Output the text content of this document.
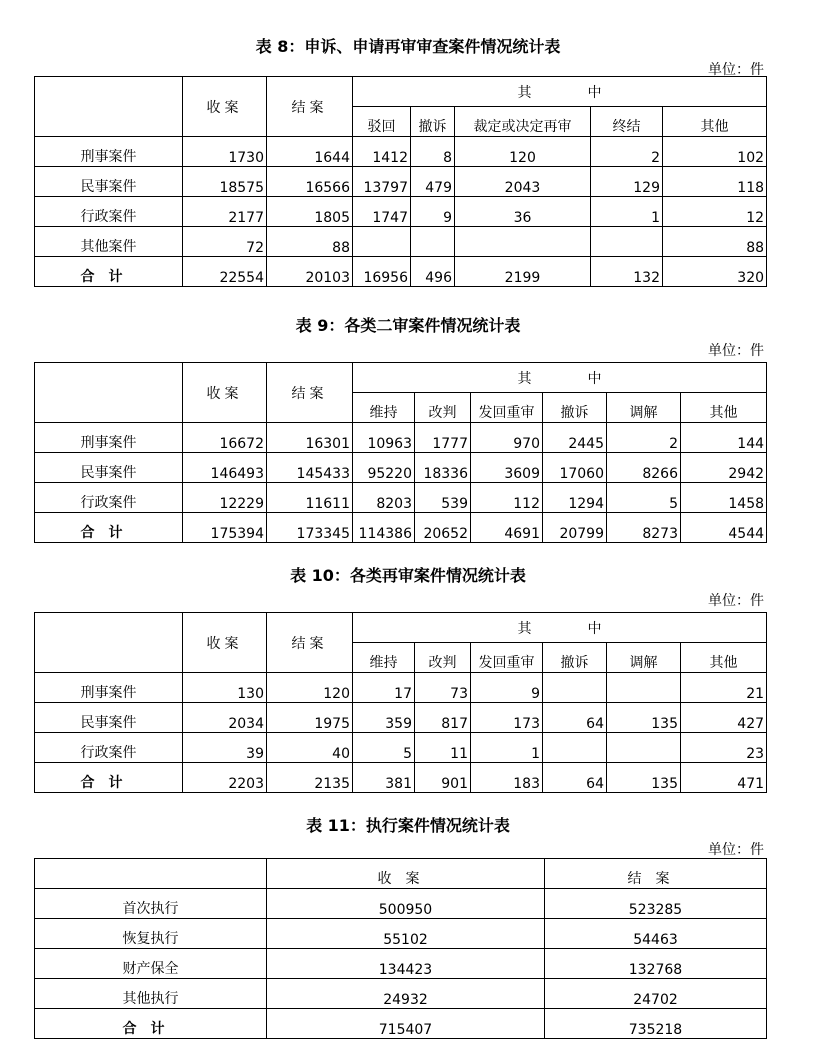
表 8：申诉、申请再审审查案件情况统计表
单位：件
	收案	结案	其　　　　中				
			驳回	撤诉	裁定或决定再审	终结	其他
刑事案件	1730	1644	1412	8	120	2	102
民事案件	18575	16566	13797	479	2043	129	118
行政案件	2177	1805	1747	9	36	1	12
其他案件	72	88					88
合计	22554	20103	16956	496	2199	132	320
表 9：各类二审案件情况统计表
单位：件
	收案	结案	其　　　　中					
			维持	改判	发回重审	撤诉	调解	其他
刑事案件	16672	16301	10963	1777	970	2445	2	144
民事案件	146493	145433	95220	18336	3609	17060	8266	2942
行政案件	12229	11611	8203	539	112	1294	5	1458
合计	175394	173345	114386	20652	4691	20799	8273	4544
表 10：各类再审案件情况统计表
单位：件
	收案	结案	其　　　　中					
			维持	改判	发回重审	撤诉	调解	其他
刑事案件	130	120	17	73	9			21
民事案件	2034	1975	359	817	173	64	135	427
行政案件	39	40	5	11	1			23
合计	2203	2135	381	901	183	64	135	471
表 11：执行案件情况统计表
单位：件
	收案	结案
首次执行	500950	523285
恢复执行	55102	54463
财产保全	134423	132768
其他执行	24932	24702
合计	715407	735218
